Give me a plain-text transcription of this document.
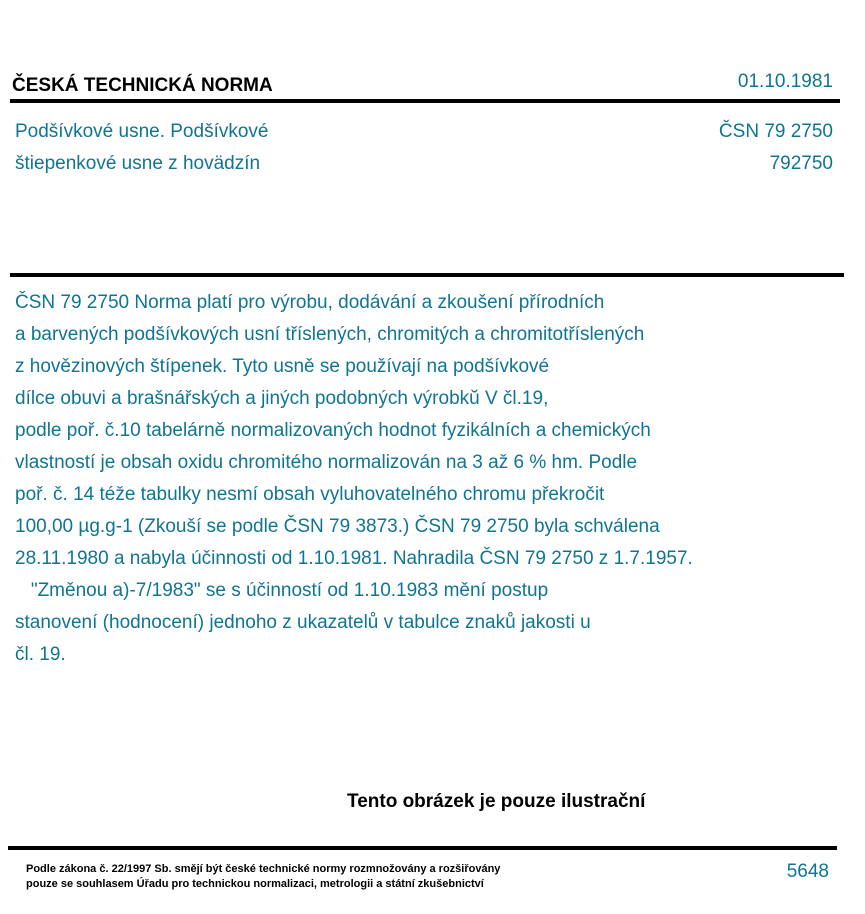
ČESKÁ TECHNICKÁ NORMA	01.10.1981
Podšívkové usne. Podšívkové
štiepenkové usne z hovädzín
ČSN 79 2750
792750
ČSN 79 2750 Norma platí pro výrobu, dodávání a zkoušení přírodních
a barvených podšívkových usní tříslených, chromitých a chromitotříslených
z hovězinových štípenek. Tyto usně se používají na podšívkové
dílce obuvi a brašnářských a jiných podobných výrobkŭ V čl.19,
podle poř. č.10 tabelárně normalizovaných hodnot fyzikálních a chemických
vlastností je obsah oxidu chromitého normalizován na 3 až 6 % hm. Podle
poř. č. 14 téže tabulky nesmí obsah vyluhovatelného chromu překročit
100,00 µg.g-1 (Zkouší se podle ČSN 79 3873.) ČSN 79 2750 byla schválena
28.11.1980 a nabyla účinnosti od 1.10.1981. Nahradila ČSN 79 2750 z 1.7.1957.
"Změnou a)-7/1983" se s účinností od 1.10.1983 mění postup
stanovení (hodnocení) jednoho z ukazatelů v tabulce znaků jakosti u
čl. 19.
Tento obrázek je pouze ilustrační
Podle zákona č. 22/1997 Sb. smějí být české technické normy rozmnožovány a rozšiřovány
pouze se souhlasem Úřadu pro technickou normalizaci, metrologii a státní zkušebnictví
5648
